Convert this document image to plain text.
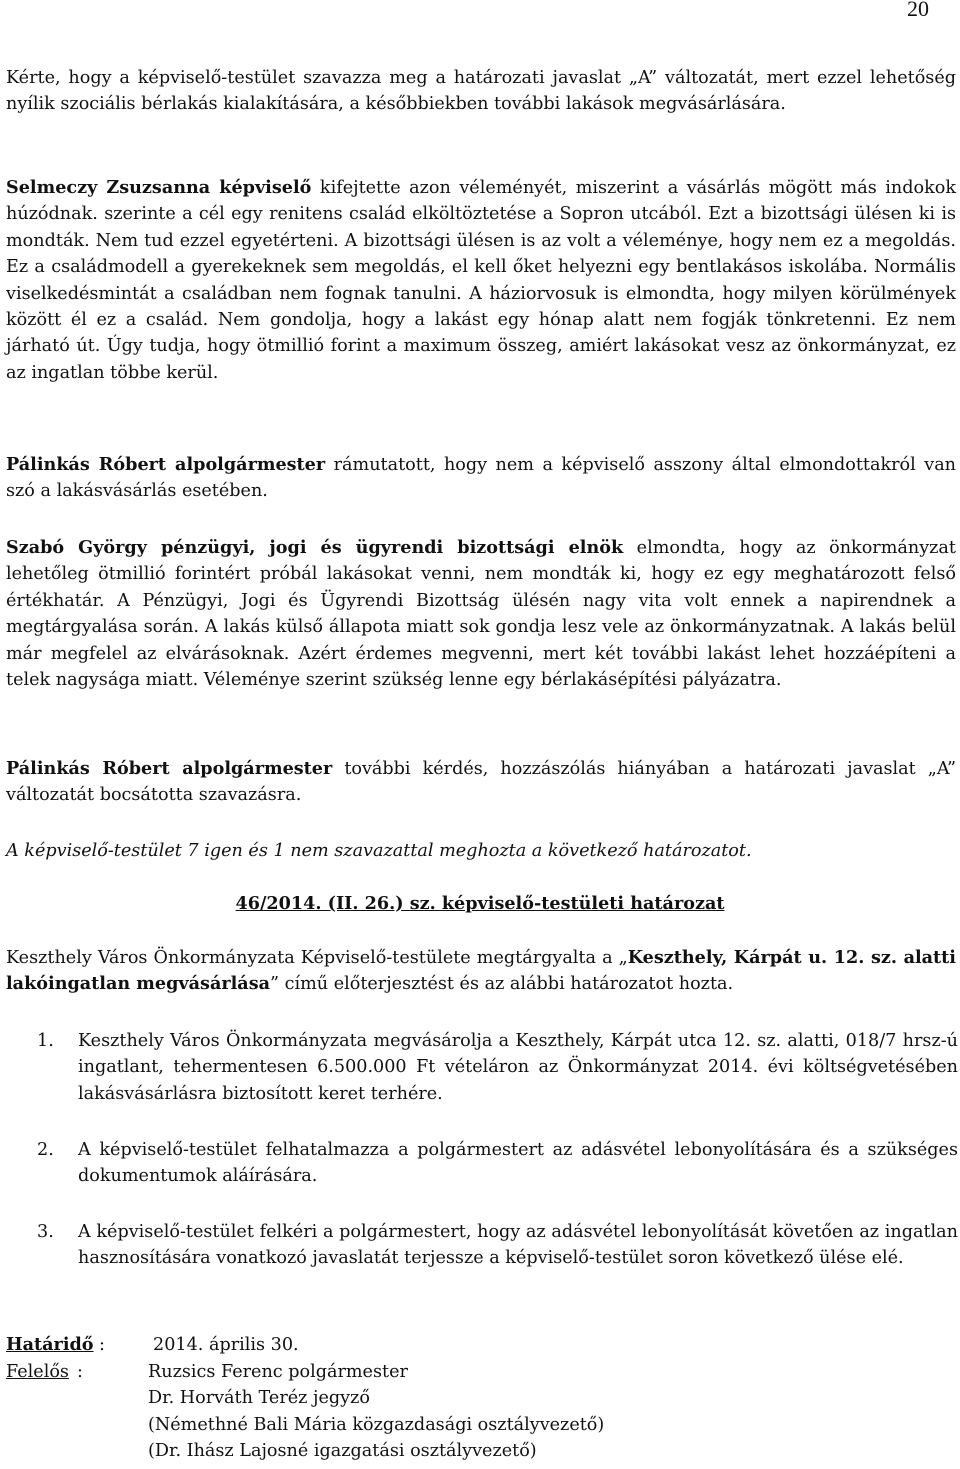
20
Kérte, hogy a képviselő-testület szavazza meg a határozati javaslat „A” változatát, mert ezzel lehetőség nyílik szociális bérlakás kialakítására, a későbbiekben további lakások megvásárlására.
Selmeczy Zsuzsanna képviselő kifejtette azon véleményét, miszerint a vásárlás mögött más indokok húzódnak. szerinte a cél egy renitens család elköltöztetése a Sopron utcából. Ezt a bizottsági ülésen ki is mondták. Nem tud ezzel egyetérteni. A bizottsági ülésen is az volt a véleménye, hogy nem ez a megoldás. Ez a családmodell a gyerekeknek sem megoldás, el kell őket helyezni egy bentlakásos iskolába. Normális viselkedésmintát a családban nem fognak tanulni. A háziorvosuk is elmondta, hogy milyen körülmények között él ez a család. Nem gondolja, hogy a lakást egy hónap alatt nem fogják tönkretenni. Ez nem járható út. Úgy tudja, hogy ötmillió forint a maximum összeg, amiért lakásokat vesz az önkormányzat, ez az ingatlan többe kerül.
Pálinkás Róbert alpolgármester rámutatott, hogy nem a képviselő asszony által elmondottakról van szó a lakásvásárlás esetében.
Szabó György pénzügyi, jogi és ügyrendi bizottsági elnök elmondta, hogy az önkormányzat lehetőleg ötmillió forintért próbál lakásokat venni, nem mondták ki, hogy ez egy meghatározott felső értékhatár. A Pénzügyi, Jogi és Ügyrendi Bizottság ülésén nagy vita volt ennek a napirendnek a megtárgyalása során. A lakás külső állapota miatt sok gondja lesz vele az önkormányzatnak. A lakás belül már megfelel az elvárásoknak. Azért érdemes megvenni, mert két további lakást lehet hozzáépíteni a telek nagysága miatt. Véleménye szerint szükség lenne egy bérlakásépítési pályázatra.
Pálinkás Róbert alpolgármester további kérdés, hozzászólás hiányában a határozati javaslat „A” változatát bocsátotta szavazásra.
A képviselő-testület 7 igen és 1 nem szavazattal meghozta a következő határozatot.
46/2014. (II. 26.) sz. képviselő-testületi határozat
Keszthely Város Önkormányzata Képviselő-testülete megtárgyalta a „Keszthely, Kárpát u. 12. sz. alatti lakóingatlan megvásárlása” című előterjesztést és az alábbi határozatot hozta.
1. Keszthely Város Önkormányzata megvásárolja a Keszthely, Kárpát utca 12. sz. alatti, 018/7 hrsz-ú ingatlant, tehermentesen 6.500.000 Ft vételáron az Önkormányzat 2014. évi költségvetésében lakásvásárlásra biztosított keret terhére.
2. A képviselő-testület felhatalmazza a polgármestert az adásvétel lebonyolítására és a szükséges dokumentumok aláírására.
3. A képviselő-testület felkéri a polgármestert, hogy az adásvétel lebonyolítását követően az ingatlan hasznosítására vonatkozó javaslatát terjessze a képviselő-testület soron következő ülése elé.
Határidő :	2014. április 30.
Felelős :	Ruzsics Ferenc polgármester
Dr. Horváth Teréz jegyző
(Némethné Bali Mária közgazdasági osztályvezető)
(Dr. Ihász Lajosné igazgatási osztályvezető)
